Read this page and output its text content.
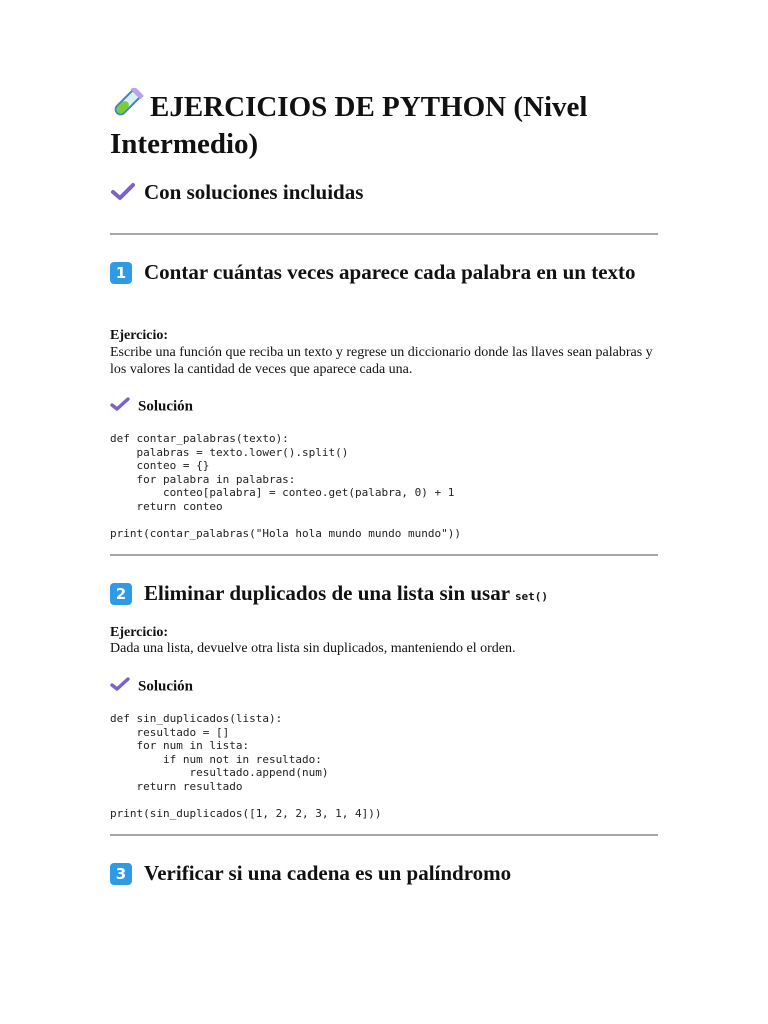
EJERCICIOS DE PYTHON (Nivel Intermedio)
Con soluciones incluidas
1 Contar cuántas veces aparece cada palabra en un texto
Ejercicio:
Escribe una función que reciba un texto y regrese un diccionario donde las llaves sean palabras y los valores la cantidad de veces que aparece cada una.
Solución
def contar_palabras(texto):
palabras = texto.lower().split()
conteo = {}
for palabra in palabras:
conteo[palabra] = conteo.get(palabra, 0) + 1
return conteo

print(contar_palabras("Hola hola mundo mundo mundo"))
2 Eliminar duplicados de una lista sin usar set()
Ejercicio:
Dada una lista, devuelve otra lista sin duplicados, manteniendo el orden.
Solución
def sin_duplicados(lista):
resultado = []
for num in lista:
if num not in resultado:
resultado.append(num)
return resultado

print(sin_duplicados([1, 2, 2, 3, 1, 4]))
3 Verificar si una cadena es un palíndromo
